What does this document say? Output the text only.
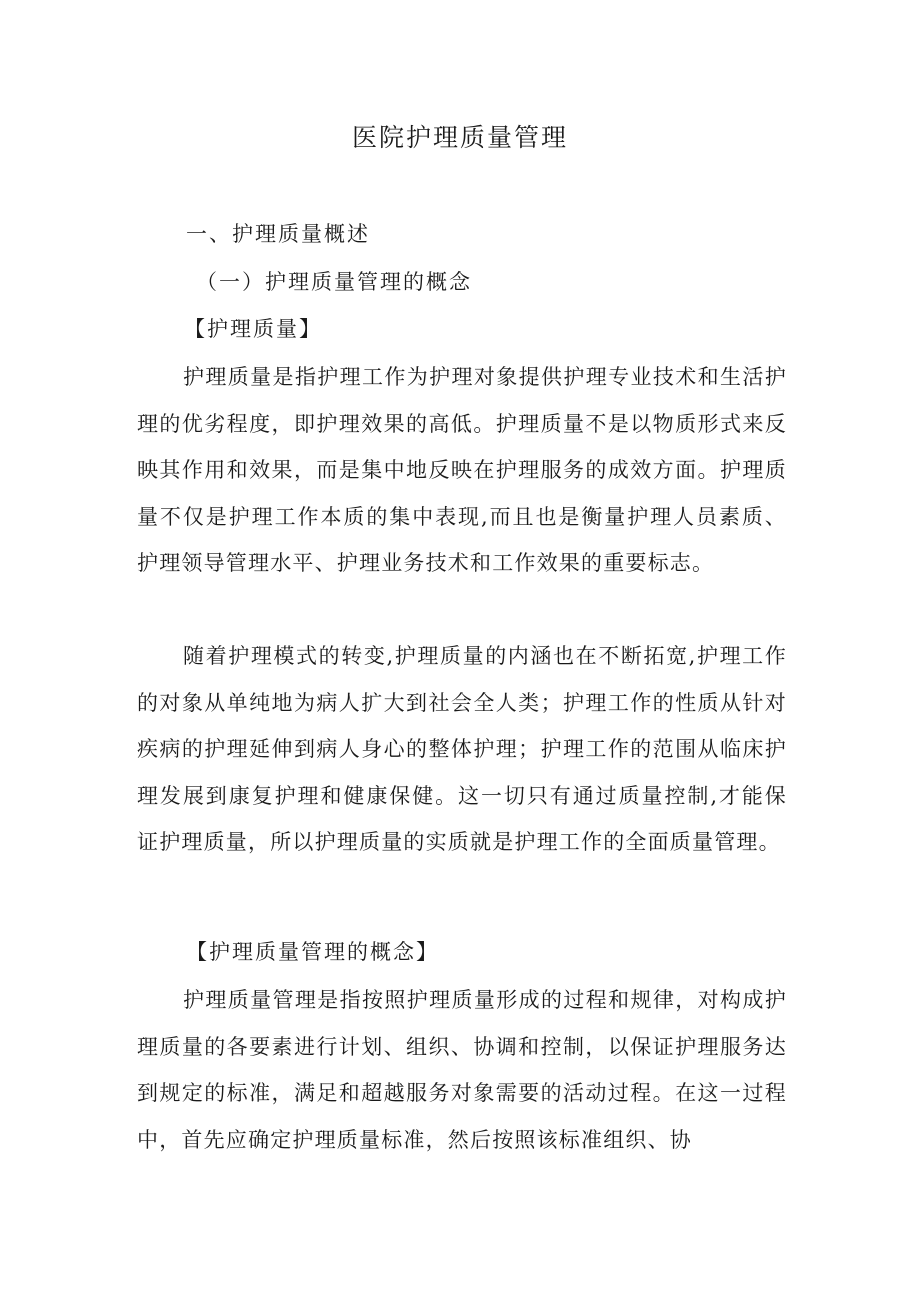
医院护理质量管理
一、护理质量概述
（一）护理质量管理的概念
【护理质量】

护理质量是指护理工作为护理对象提供护理专业技术和生活护理的优劣程度，即护理效果的高低。护理质量不是以物质形式来反映其作用和效果，而是集中地反映在护理服务的成效方面。护理质量不仅是护理工作本质的集中表现,而且也是衡量护理人员素质、护理领导管理水平、护理业务技术和工作效果的重要标志。

随着护理模式的转变,护理质量的内涵也在不断拓宽,护理工作的对象从单纯地为病人扩大到社会全人类；护理工作的性质从针对疾病的护理延伸到病人身心的整体护理；护理工作的范围从临床护理发展到康复护理和健康保健。这一切只有通过质量控制,才能保证护理质量，所以护理质量的实质就是护理工作的全面质量管理。

【护理质量管理的概念】

护理质量管理是指按照护理质量形成的过程和规律，对构成护理质量的各要素进行计划、组织、协调和控制，以保证护理服务达到规定的标准，满足和超越服务对象需要的活动过程。在这一过程中，首先应确定护理质量标准，然后按照该标准组织、协
